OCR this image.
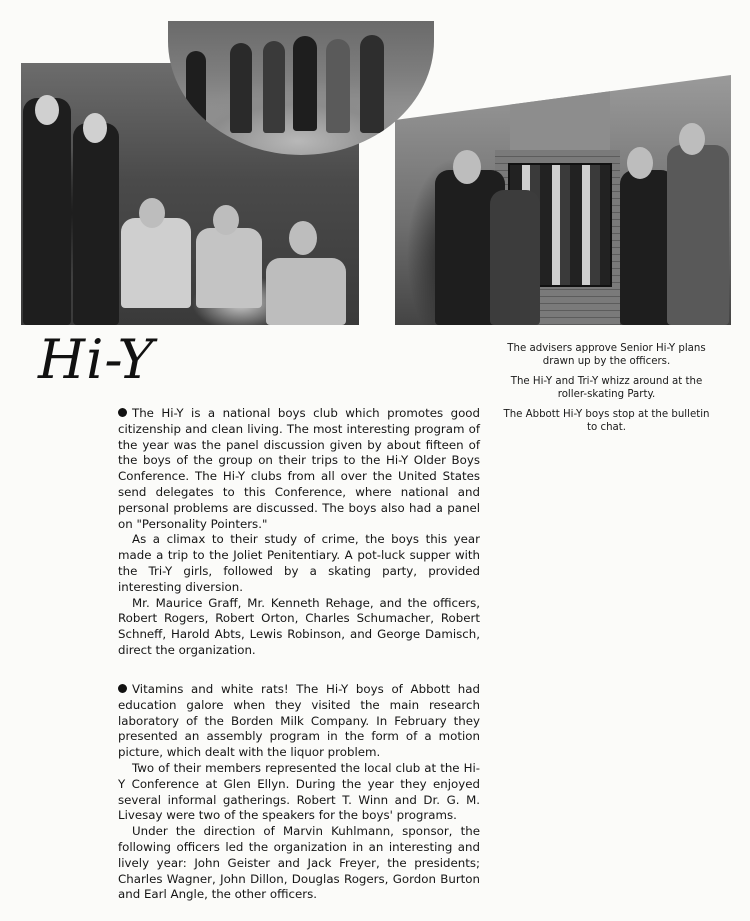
Hi-Y	The advisers approve Senior Hi-Y plans drawn up by the officers.

The Hi-Y and Tri-Y whizz around at the roller-skating Party.

The Abbott Hi-Y boys stop at the bulletin to chat.

The Hi-Y is a national boys club which promotes good citizenship and clean living. The most interesting program of the year was the panel discussion given by about fifteen of the boys of the group on their trips to the Hi-Y Older Boys Conference. The Hi-Y clubs from all over the United States send delegates to this Conference, where national and personal problems are discussed. The boys also had a panel on "Personality Pointers."

As a climax to their study of crime, the boys this year made a trip to the Joliet Penitentiary. A pot-luck supper with the Tri-Y girls, followed by a skating party, provided interesting diversion.

Mr. Maurice Graff, Mr. Kenneth Rehage, and the officers, Robert Rogers, Robert Orton, Charles Schumacher, Robert Schneff, Harold Abts, Lewis Robinson, and George Damisch, direct the organization.

Vitamins and white rats! The Hi-Y boys of Abbott had education galore when they visited the main research laboratory of the Borden Milk Company. In February they presented an assembly program in the form of a motion picture, which dealt with the liquor problem.

Two of their members represented the local club at the Hi-Y Conference at Glen Ellyn. During the year they enjoyed several informal gatherings. Robert T. Winn and Dr. G. M. Livesay were two of the speakers for the boys' programs.

Under the direction of Marvin Kuhlmann, sponsor, the following officers led the organization in an interesting and lively year: John Geister and Jack Freyer, the presidents; Charles Wagner, John Dillon, Douglas Rogers, Gordon Burton and Earl Angle, the other officers.
